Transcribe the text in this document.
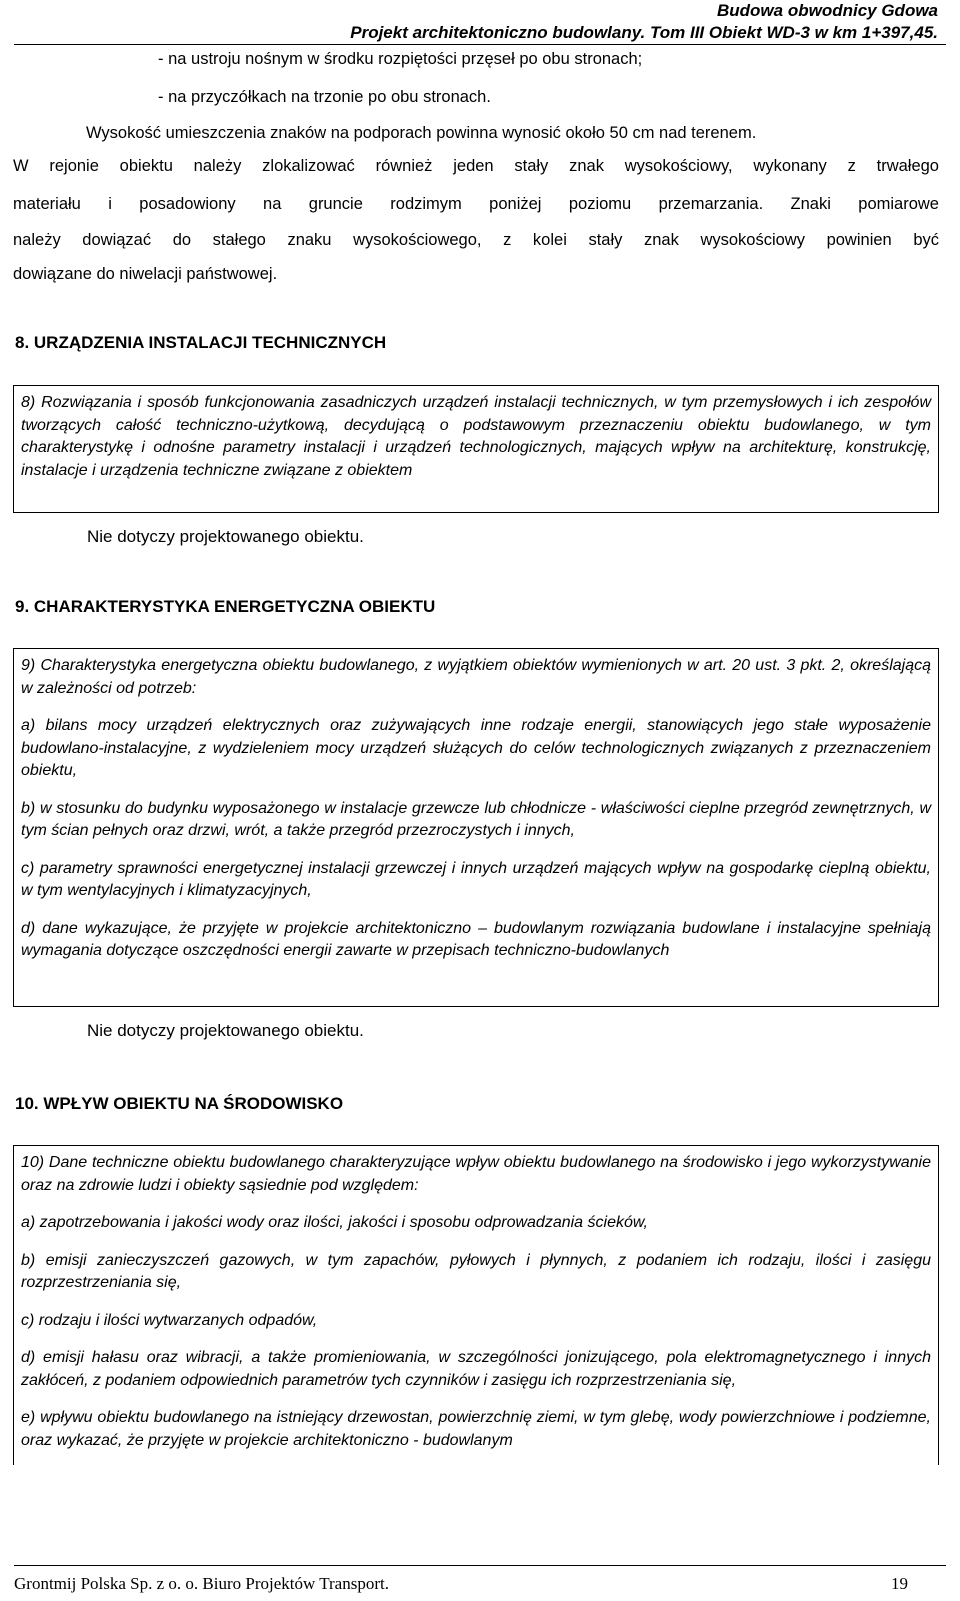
Budowa obwodnicy Gdowa
Projekt architektoniczno budowlany. Tom III Obiekt WD-3 w km 1+397,45.
- na ustroju nośnym w środku rozpiętości przęseł po obu stronach;
- na przyczółkach na trzonie po obu stronach.
Wysokość umieszczenia znaków na podporach powinna wynosić około 50 cm nad terenem.
W rejonie obiektu należy zlokalizować również jeden stały znak wysokościowy, wykonany z trwałego
materiału i posadowiony na gruncie rodzimym poniżej poziomu przemarzania. Znaki pomiarowe
należy dowiązać do stałego znaku wysokościowego, z kolei stały znak wysokościowy powinien być
dowiązane do niwelacji państwowej.
8. URZĄDZENIA INSTALACJI TECHNICZNYCH

8) Rozwiązania i sposób funkcjonowania zasadniczych urządzeń instalacji technicznych, w tym przemysłowych i ich zespołów tworzących całość techniczno-użytkową, decydującą o podstawowym przeznaczeniu obiektu budowlanego, w tym charakterystykę i odnośne parametry instalacji i urządzeń technologicznych, mających wpływ na architekturę, konstrukcję, instalacje i urządzenia techniczne związane z obiektem

Nie dotyczy projektowanego obiektu.
9. CHARAKTERYSTYKA ENERGETYCZNA OBIEKTU

9) Charakterystyka energetyczna obiektu budowlanego, z wyjątkiem obiektów wymienionych w art. 20 ust. 3 pkt. 2, określającą w zależności od potrzeb:

a) bilans mocy urządzeń elektrycznych oraz zużywających inne rodzaje energii, stanowiących jego stałe wyposażenie budowlano-instalacyjne, z wydzieleniem mocy urządzeń służących do celów technologicznych związanych z przeznaczeniem obiektu,

b) w stosunku do budynku wyposażonego w instalacje grzewcze lub chłodnicze - właściwości cieplne przegród zewnętrznych, w tym ścian pełnych oraz drzwi, wrót, a także przegród przezroczystych i innych,

c) parametry sprawności energetycznej instalacji grzewczej i innych urządzeń mających wpływ na gospodarkę cieplną obiektu, w tym wentylacyjnych i klimatyzacyjnych,

d) dane wykazujące, że przyjęte w projekcie architektoniczno – budowlanym rozwiązania budowlane i instalacyjne spełniają wymagania dotyczące oszczędności energii zawarte w przepisach techniczno-budowlanych

Nie dotyczy projektowanego obiektu.
10. WPŁYW OBIEKTU NA ŚRODOWISKO

10) Dane techniczne obiektu budowlanego charakteryzujące wpływ obiektu budowlanego na środowisko i jego wykorzystywanie oraz na zdrowie ludzi i obiekty sąsiednie pod względem:

a) zapotrzebowania i jakości wody oraz ilości, jakości i sposobu odprowadzania ścieków,

b) emisji zanieczyszczeń gazowych, w tym zapachów, pyłowych i płynnych, z podaniem ich rodzaju, ilości i zasięgu rozprzestrzeniania się,

c) rodzaju i ilości wytwarzanych odpadów,

d) emisji hałasu oraz wibracji, a także promieniowania, w szczególności jonizującego, pola elektromagnetycznego i innych zakłóceń, z podaniem odpowiednich parametrów tych czynników i zasięgu ich rozprzestrzeniania się,

e) wpływu obiektu budowlanego na istniejący drzewostan, powierzchnię ziemi, w tym glebę, wody powierzchniowe i podziemne, oraz wykazać, że przyjęte w projekcie architektoniczno - budowlanym

Grontmij Polska Sp. z o. o. Biuro Projektów Transport.	19
